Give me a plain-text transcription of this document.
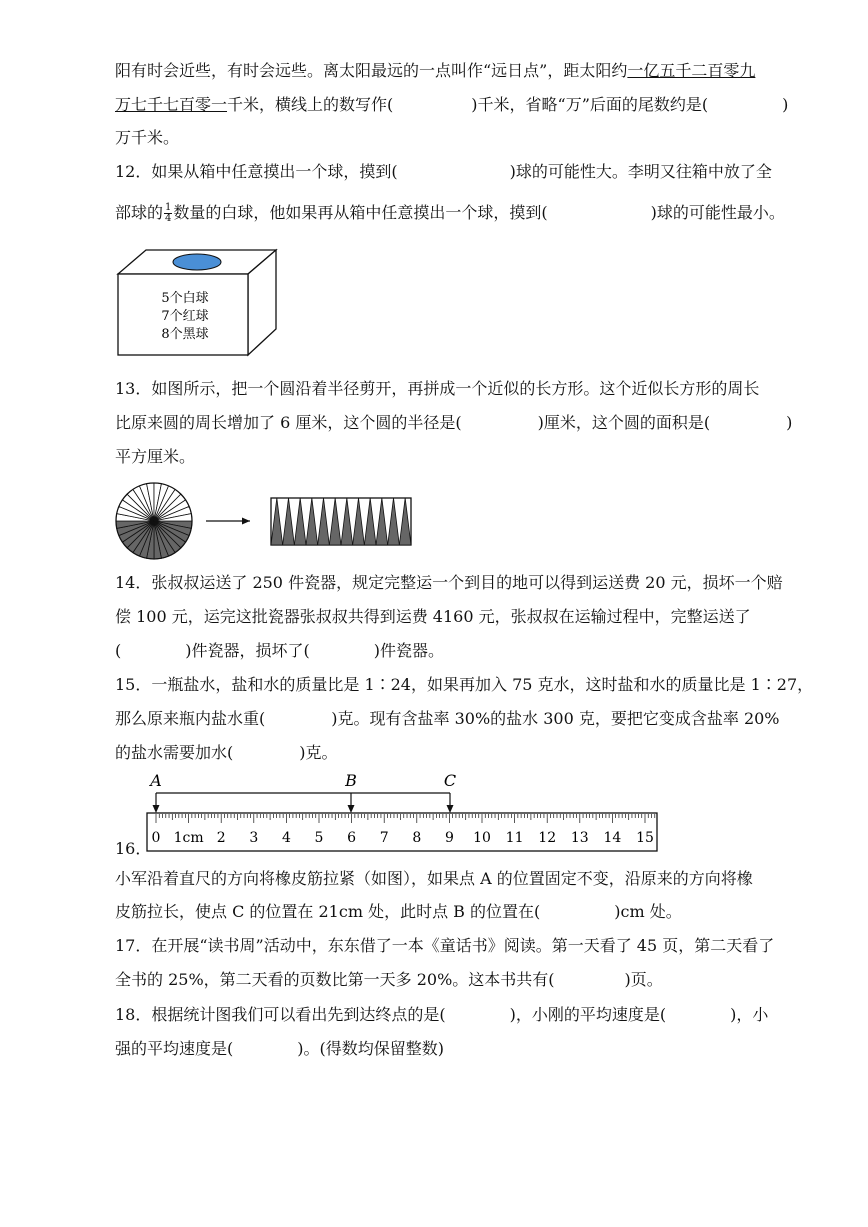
阳有时会近些，有时会远些。离太阳最远的一点叫作“远日点”，距太阳约一亿五千二百零九
万七千七百零一千米，横线上的数写作(	)千米，省略“万”后面的尾数约是(	)
万千米。
12．如果从箱中任意摸出一个球，摸到(	)球的可能性大。李明又往箱中放了全
部球的 $\frac{1}{4}$ 数量的白球，他如果再从箱中任意摸出一个球，摸到(	)球的可能性最小。
5个白球
7个红球
8个黑球
13．如图所示，把一个圆沿着半径剪开，再拼成一个近似的长方形。这个近似长方形的周长
比原来圆的周长增加了 6 厘米，这个圆的半径是(	)厘米，这个圆的面积是(	)
平方厘米。
14．张叔叔运送了 250 件瓷器，规定完整运一个到目的地可以得到运送费 20 元，损坏一个赔
偿 100 元，运完这批瓷器张叔叔共得到运费 4160 元，张叔叔在运输过程中，完整运送了
(	)件瓷器，损坏了(	)件瓷器。
15．一瓶盐水，盐和水的质量比是 1∶24，如果再加入 75 克水，这时盐和水的质量比是 1∶27，
那么原来瓶内盐水重(	)克。现有含盐率 30%的盐水 300 克，要把它变成含盐率 20%
的盐水需要加水(	)克。
A	B	C
0 1cm 2 3 4 5 6 7 8 9 10 11 12 13 14 15
16．
小军沿着直尺的方向将橡皮筋拉紧（如图），如果点 A 的位置固定不变，沿原来的方向将橡
皮筋拉长，使点 C 的位置在 21cm 处，此时点 B 的位置在(	)cm 处。
17．在开展“读书周”活动中，东东借了一本《童话书》阅读。第一天看了 45 页，第二天看了
全书的 25%，第二天看的页数比第一天多 20%。这本书共有(	)页。
18．根据统计图我们可以看出先到达终点的是(	)，小刚的平均速度是(	)，小
强的平均速度是(	)。(得数均保留整数)
